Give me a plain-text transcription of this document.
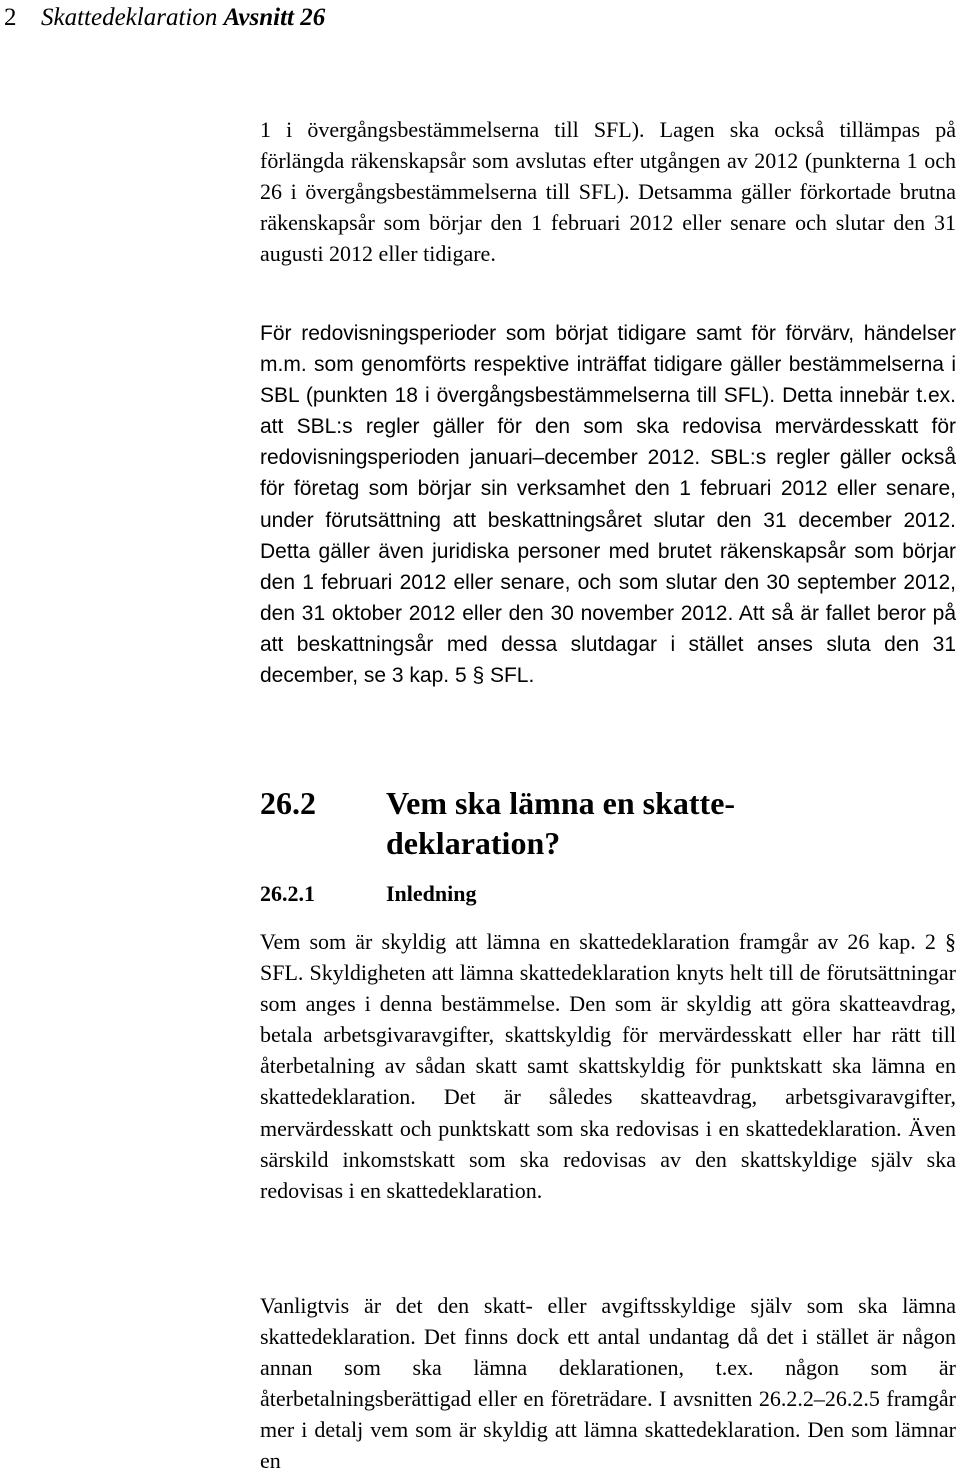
2 Skattedeklaration Avsnitt 26

1 i övergångsbestämmelserna till SFL). Lagen ska också tillämpas på förlängda räkenskapsår som avslutas efter utgången av 2012 (punkterna 1 och 26 i övergångsbestämmelserna till SFL). Detsamma gäller förkortade brutna räkenskapsår som börjar den 1 februari 2012 eller senare och slutar den 31 augusti 2012 eller tidigare.

För redovisningsperioder som börjat tidigare samt för förvärv, händelser m.m. som genomförts respektive inträffat tidigare gäller bestämmelserna i SBL (punkten 18 i övergångsbestämmelserna till SFL). Detta innebär t.ex. att SBL:s regler gäller för den som ska redovisa mervärdesskatt för redovisningsperioden januari–december 2012. SBL:s regler gäller också för företag som börjar sin verksamhet den 1 februari 2012 eller senare, under förutsättning att beskattningsåret slutar den 31 december 2012. Detta gäller även juridiska personer med brutet räkenskapsår som börjar den 1 februari 2012 eller senare, och som slutar den 30 september 2012, den 31 oktober 2012 eller den 30 november 2012. Att så är fallet beror på att beskattningsår med dessa slutdagar i stället anses sluta den 31 december, se 3 kap. 5 § SFL.

26.2 Vem ska lämna en skatte-deklaration?
26.2.1	Inledning

Vem som är skyldig att lämna en skattedeklaration framgår av 26 kap. 2 § SFL. Skyldigheten att lämna skattedeklaration knyts helt till de förutsättningar som anges i denna bestämmelse. Den som är skyldig att göra skatteavdrag, betala arbetsgivaravgifter, skattskyldig för mervärdesskatt eller har rätt till återbetalning av sådan skatt samt skattskyldig för punktskatt ska lämna en skattedeklaration. Det är således skatteavdrag, arbetsgivaravgifter, mervärdesskatt och punktskatt som ska redovisas i en skattedeklaration. Även särskild inkomstskatt som ska redovisas av den skattskyldige själv ska redovisas i en skattedeklaration.

Vanligtvis är det den skatt- eller avgiftsskyldige själv som ska lämna skattedeklaration. Det finns dock ett antal undantag då det i stället är någon annan som ska lämna deklarationen, t.ex. någon som är återbetalningsberättigad eller en företrädare. I avsnitten 26.2.2–26.2.5 framgår mer i detalj vem som är skyldig att lämna skattedeklaration. Den som lämnar en
